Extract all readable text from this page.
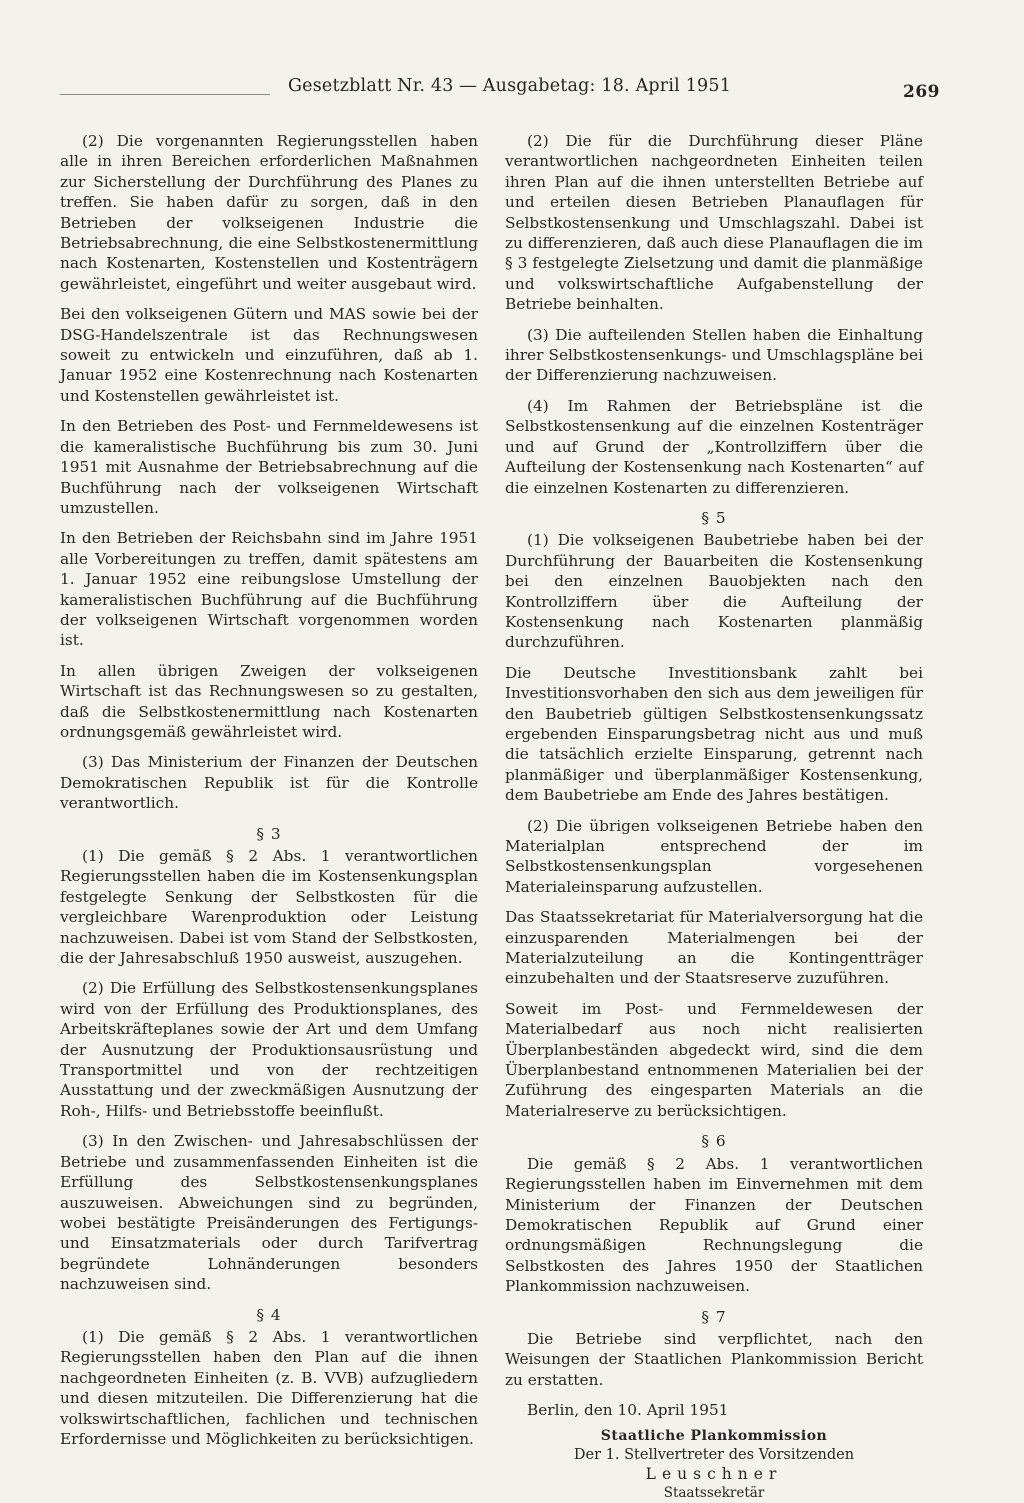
Gesetzblatt Nr. 43 — Ausgabetag: 18. April 1951	269

(2) Die vorgenannten Regierungsstellen haben alle in ihren Bereichen erforderlichen Maßnahmen zur Sicherstellung der Durchführung des Planes zu treffen. Sie haben dafür zu sorgen, daß in den Betrieben der volkseigenen Industrie die Betriebsabrechnung, die eine Selbstkostenermittlung nach Kostenarten, Kostenstellen und Kostenträgern gewährleistet, eingeführt und weiter ausgebaut wird.

Bei den volkseigenen Gütern und MAS sowie bei der DSG-Handelszentrale ist das Rechnungswesen soweit zu entwickeln und einzuführen, daß ab 1. Januar 1952 eine Kostenrechnung nach Kostenarten und Kostenstellen gewährleistet ist.

In den Betrieben des Post- und Fernmeldewesens ist die kameralistische Buchführung bis zum 30. Juni 1951 mit Ausnahme der Betriebsabrechnung auf die Buchführung nach der volkseigenen Wirtschaft umzustellen.

In den Betrieben der Reichsbahn sind im Jahre 1951 alle Vorbereitungen zu treffen, damit spätestens am 1. Januar 1952 eine reibungslose Umstellung der kameralistischen Buchführung auf die Buchführung der volkseigenen Wirtschaft vorgenommen worden ist.

In allen übrigen Zweigen der volkseigenen Wirtschaft ist das Rechnungswesen so zu gestalten, daß die Selbstkostenermittlung nach Kostenarten ordnungsgemäß gewährleistet wird.

(3) Das Ministerium der Finanzen der Deutschen Demokratischen Republik ist für die Kontrolle verantwortlich.

§ 3

(1) Die gemäß § 2 Abs. 1 verantwortlichen Regierungsstellen haben die im Kostensenkungsplan festgelegte Senkung der Selbstkosten für die vergleichbare Warenproduktion oder Leistung nachzuweisen. Dabei ist vom Stand der Selbstkosten, die der Jahresabschluß 1950 ausweist, auszugehen.

(2) Die Erfüllung des Selbstkostensenkungsplanes wird von der Erfüllung des Produktionsplanes, des Arbeitskräfteplanes sowie der Art und dem Umfang der Ausnutzung der Produktionsausrüstung und Transportmittel und von der rechtzeitigen Ausstattung und der zweckmäßigen Ausnutzung der Roh-, Hilfs- und Betriebsstoffe beeinflußt.

(3) In den Zwischen- und Jahresabschlüssen der Betriebe und zusammenfassenden Einheiten ist die Erfüllung des Selbstkostensenkungsplanes auszuweisen. Abweichungen sind zu begründen, wobei bestätigte Preisänderungen des Fertigungs- und Einsatzmaterials oder durch Tarifvertrag begründete Lohnänderungen besonders nachzuweisen sind.

§ 4

(1) Die gemäß § 2 Abs. 1 verantwortlichen Regierungsstellen haben den Plan auf die ihnen nachgeordneten Einheiten (z. B. VVB) aufzugliedern und diesen mitzuteilen. Die Differenzierung hat die volkswirtschaftlichen, fachlichen und technischen Erfordernisse und Möglichkeiten zu berücksichtigen.

(2) Die für die Durchführung dieser Pläne verantwortlichen nachgeordneten Einheiten teilen ihren Plan auf die ihnen unterstellten Betriebe auf und erteilen diesen Betrieben Planauflagen für Selbstkostensenkung und Umschlagszahl. Dabei ist zu differenzieren, daß auch diese Planauflagen die im § 3 festgelegte Zielsetzung und damit die planmäßige und volkswirtschaftliche Aufgabenstellung der Betriebe beinhalten.

(3) Die aufteilenden Stellen haben die Einhaltung ihrer Selbstkostensenkungs- und Umschlagspläne bei der Differenzierung nachzuweisen.

(4) Im Rahmen der Betriebspläne ist die Selbstkostensenkung auf die einzelnen Kostenträger und auf Grund der „Kontrollziffern über die Aufteilung der Kostensenkung nach Kostenarten“ auf die einzelnen Kostenarten zu differenzieren.

§ 5

(1) Die volkseigenen Baubetriebe haben bei der Durchführung der Bauarbeiten die Kostensenkung bei den einzelnen Bauobjekten nach den Kontrollziffern über die Aufteilung der Kostensenkung nach Kostenarten planmäßig durchzuführen.

Die Deutsche Investitionsbank zahlt bei Investitionsvorhaben den sich aus dem jeweiligen für den Baubetrieb gültigen Selbstkostensenkungssatz ergebenden Einsparungsbetrag nicht aus und muß die tatsächlich erzielte Einsparung, getrennt nach planmäßiger und überplanmäßiger Kostensenkung, dem Baubetriebe am Ende des Jahres bestätigen.

(2) Die übrigen volkseigenen Betriebe haben den Materialplan entsprechend der im Selbstkostensenkungsplan vorgesehenen Materialeinsparung aufzustellen.

Das Staatssekretariat für Materialversorgung hat die einzusparenden Materialmengen bei der Materialzuteilung an die Kontingentträger einzubehalten und der Staatsreserve zuzuführen.

Soweit im Post- und Fernmeldewesen der Materialbedarf aus noch nicht realisierten Überplanbeständen abgedeckt wird, sind die dem Überplanbestand entnommenen Materialien bei der Zuführung des eingesparten Materials an die Materialreserve zu berücksichtigen.

§ 6

Die gemäß § 2 Abs. 1 verantwortlichen Regierungsstellen haben im Einvernehmen mit dem Ministerium der Finanzen der Deutschen Demokratischen Republik auf Grund einer ordnungsmäßigen Rechnungslegung die Selbstkosten des Jahres 1950 der Staatlichen Plankommission nachzuweisen.

§ 7

Die Betriebe sind verpflichtet, nach den Weisungen der Staatlichen Plankommission Bericht zu erstatten.

Berlin, den 10. April 1951
Staatliche Plankommission
Der 1. Stellvertreter des Vorsitzenden
Leuschner
Staatssekretär
